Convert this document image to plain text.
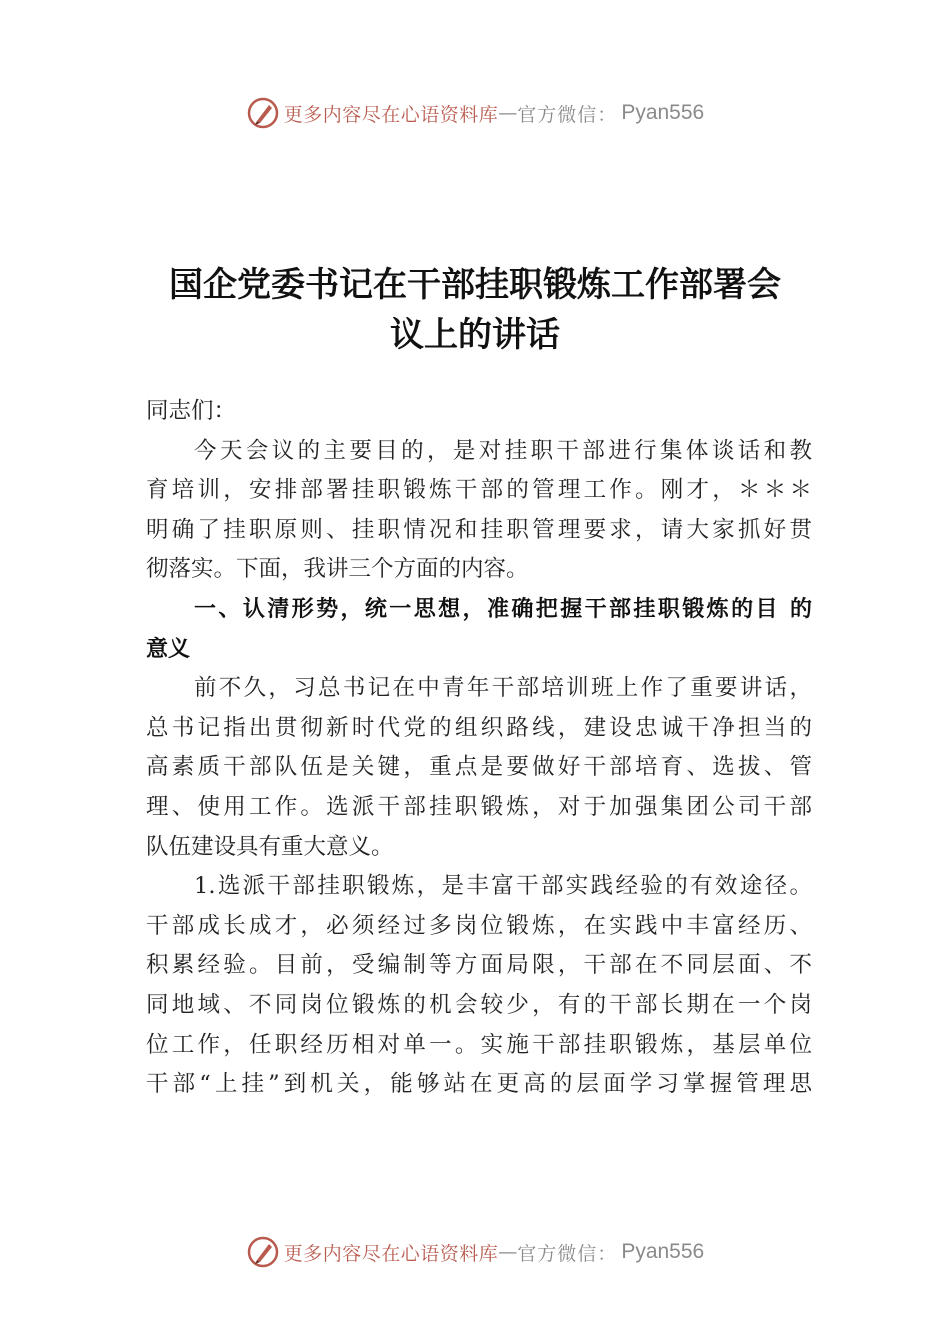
更多内容尽在心语资料库 — 官方微信： Pyan556
国企党委书记在干部挂职锻炼工作部署会
议上的讲话
同志们：
今天会议的主要目的，是对挂职干部进行集体谈话和教
育培训，安排部署挂职锻炼干部的管理工作。刚才，＊＊＊
明确了挂职原则、挂职情况和挂职管理要求，请大家抓好贯
彻落实。下面，我讲三个方面的内容。
一、认清形势，统一思想，准确把握干部挂职锻炼的目 的
意义
前不久，习总书记在中青年干部培训班上作了重要讲话，
总书记指出贯彻新时代党的组织路线，建设忠诚干净担当的
高素质干部队伍是关键，重点是要做好干部培育、选拔、管
理、使用工作。选派干部挂职锻炼，对于加强集团公司干部
队伍建设具有重大意义。
1.选派干部挂职锻炼，是丰富干部实践经验的有效途径。
干部成长成才，必须经过多岗位锻炼，在实践中丰富经历、
积累经验。目前，受编制等方面局限，干部在不同层面、不
同地域、不同岗位锻炼的机会较少，有的干部长期在一个岗
位工作，任职经历相对单一。实施干部挂职锻炼，基层单位
干部“上挂”到机关，能够站在更高的层面学习掌握管理思
更多内容尽在心语资料库 — 官方微信： Pyan556
